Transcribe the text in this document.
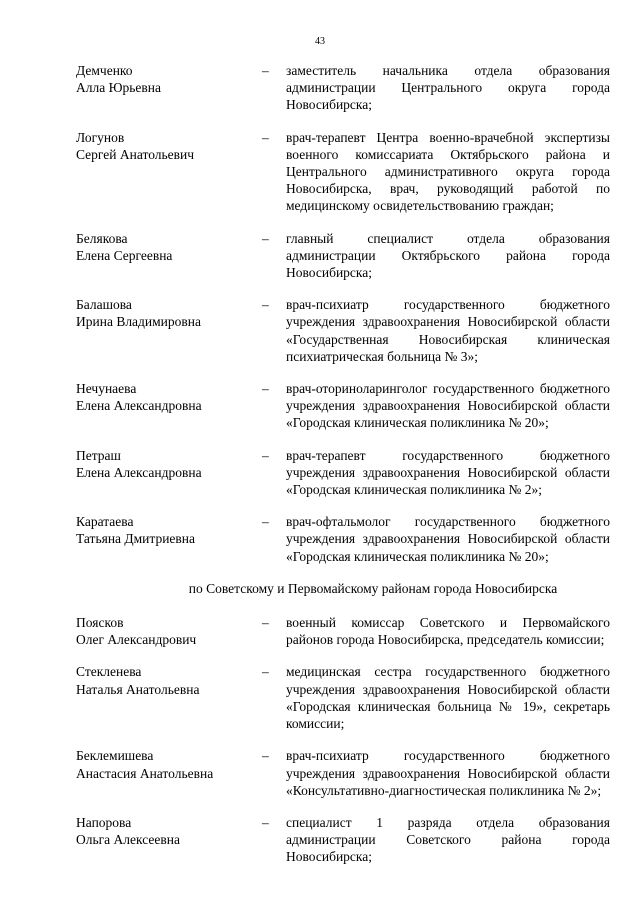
43
Демченко
Алла Юрьевна
–	заместитель начальника отдела образования администрации Центрального округа города Новосибирска;
Логунов
Сергей Анатольевич
–	врач-терапевт Центра военно-врачебной экспертизы военного комиссариата Октябрьского района и Центрального административного округа города Новосибирска, врач, руководящий работой по медицинскому освидетельствованию граждан;
Белякова
Елена Сергеевна
–	главный специалист отдела образования администрации Октябрьского района города Новосибирска;
Балашова
Ирина Владимировна
–	врач-психиатр государственного бюджетного учреждения здравоохранения Новосибирской области «Государственная Новосибирская клиническая психиатрическая больница № 3»;
Нечунаева
Елена Александровна
–	врач-оториноларинголог государственного бюджетного учреждения здравоохранения Новосибирской области «Городская клиническая поликлиника № 20»;
Петраш
Елена Александровна
–	врач-терапевт государственного бюджетного учреждения здравоохранения Новосибирской области «Городская клиническая поликлиника № 2»;
Каратаева
Татьяна Дмитриевна
–	врач-офтальмолог государственного бюджетного учреждения здравоохранения Новосибирской области «Городская клиническая поликлиника № 20»;
по Советскому и Первомайскому районам города Новосибирска
Поясков
Олег Александрович
–	военный комиссар Советского и Первомайского районов города Новосибирска, председатель комиссии;
Стекленева
Наталья Анатольевна
–	медицинская сестра государственного бюджетного учреждения здравоохранения Новосибирской области «Городская клиническая больница № 19», секретарь комиссии;
Беклемишева
Анастасия Анатольевна
–	врач-психиатр государственного бюджетного учреждения здравоохранения Новосибирской области «Консультативно-диагностическая поликлиника № 2»;
Напорова
Ольга Алексеевна
–	специалист 1 разряда отдела образования администрации Советского района города Новосибирска;
